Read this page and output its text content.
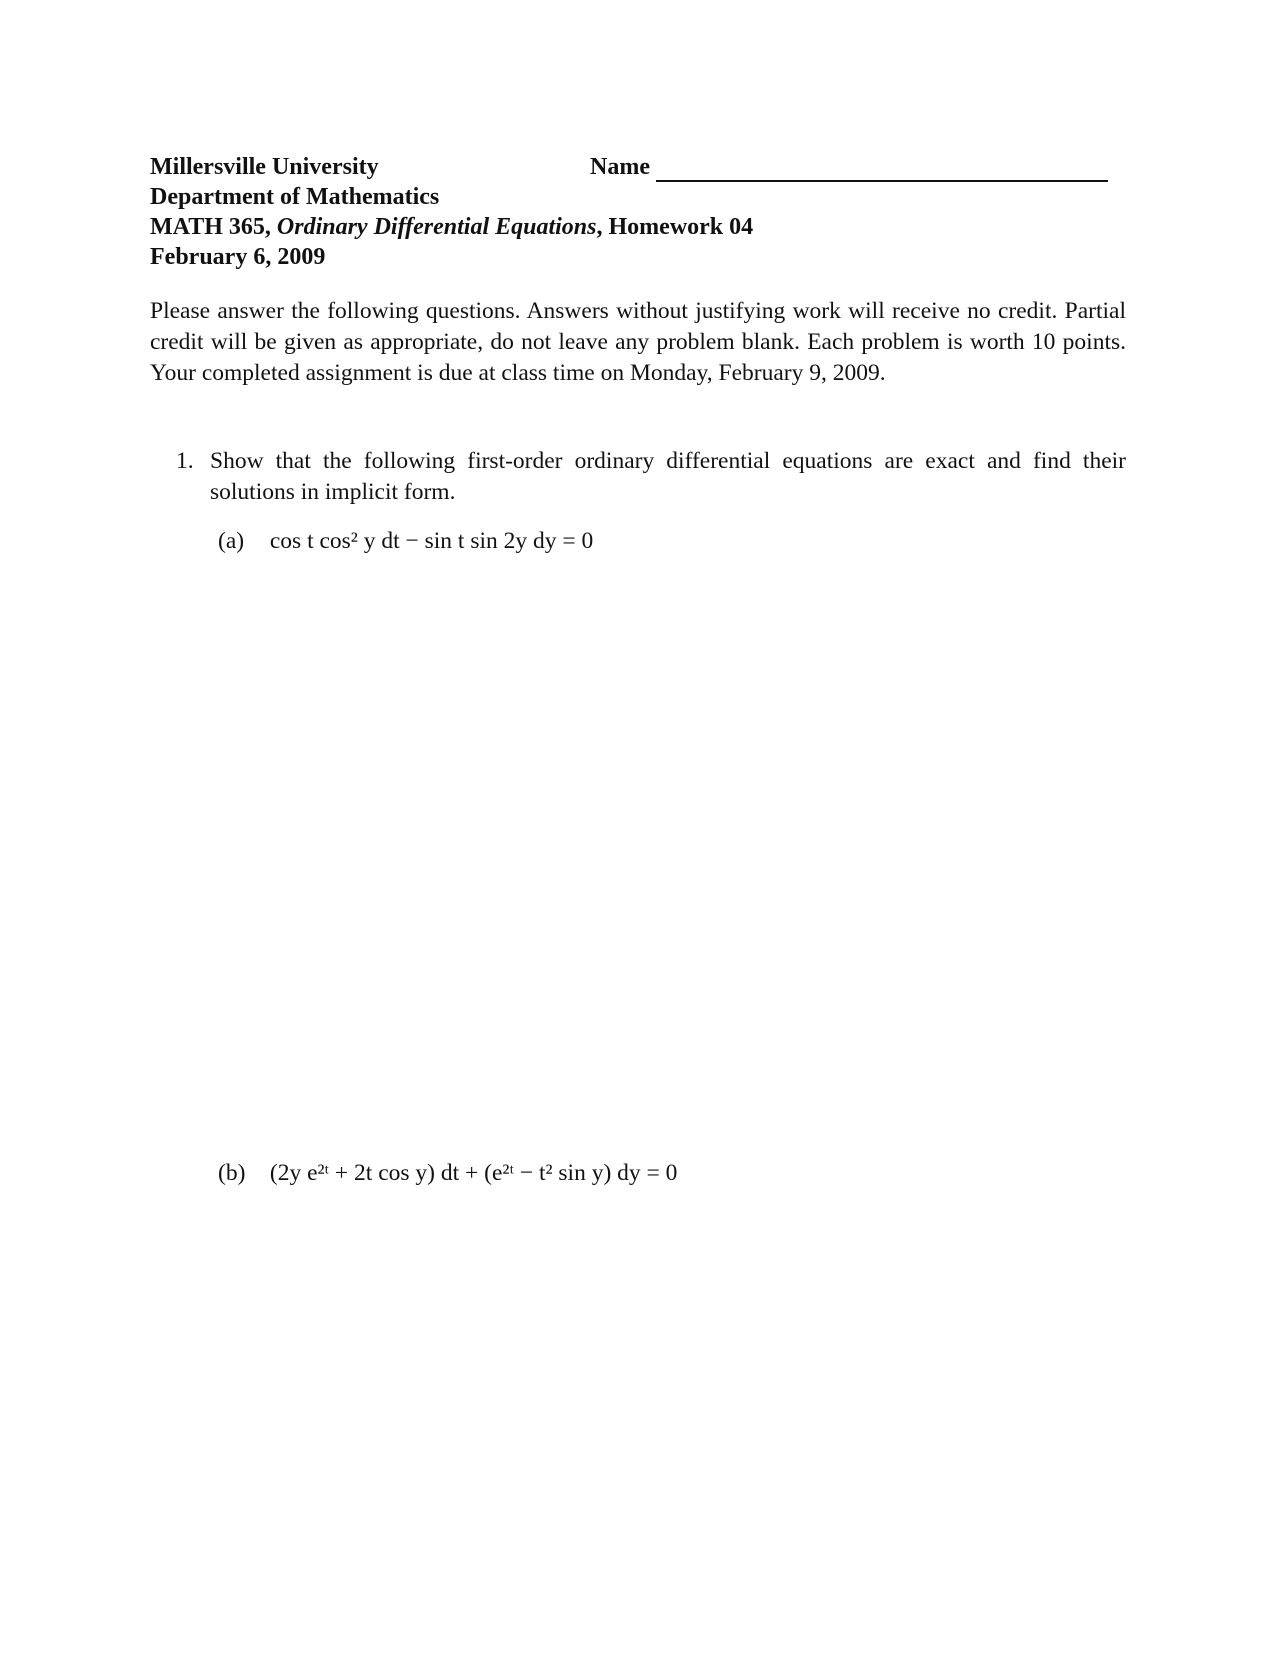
Millersville University
Department of Mathematics
MATH 365, Ordinary Differential Equations, Homework 04
February 6, 2009
Name
Please answer the following questions. Answers without justifying work will receive no credit. Partial credit will be given as appropriate, do not leave any problem blank. Each problem is worth 10 points. Your completed assignment is due at class time on Monday, February 9, 2009.
1. Show that the following first-order ordinary differential equations are exact and find their solutions in implicit form.
(a) cos t cos² y dt − sin t sin 2y dy = 0
(b) (2y e²ᵗ + 2t cos y) dt + (e²ᵗ − t² sin y) dy = 0
